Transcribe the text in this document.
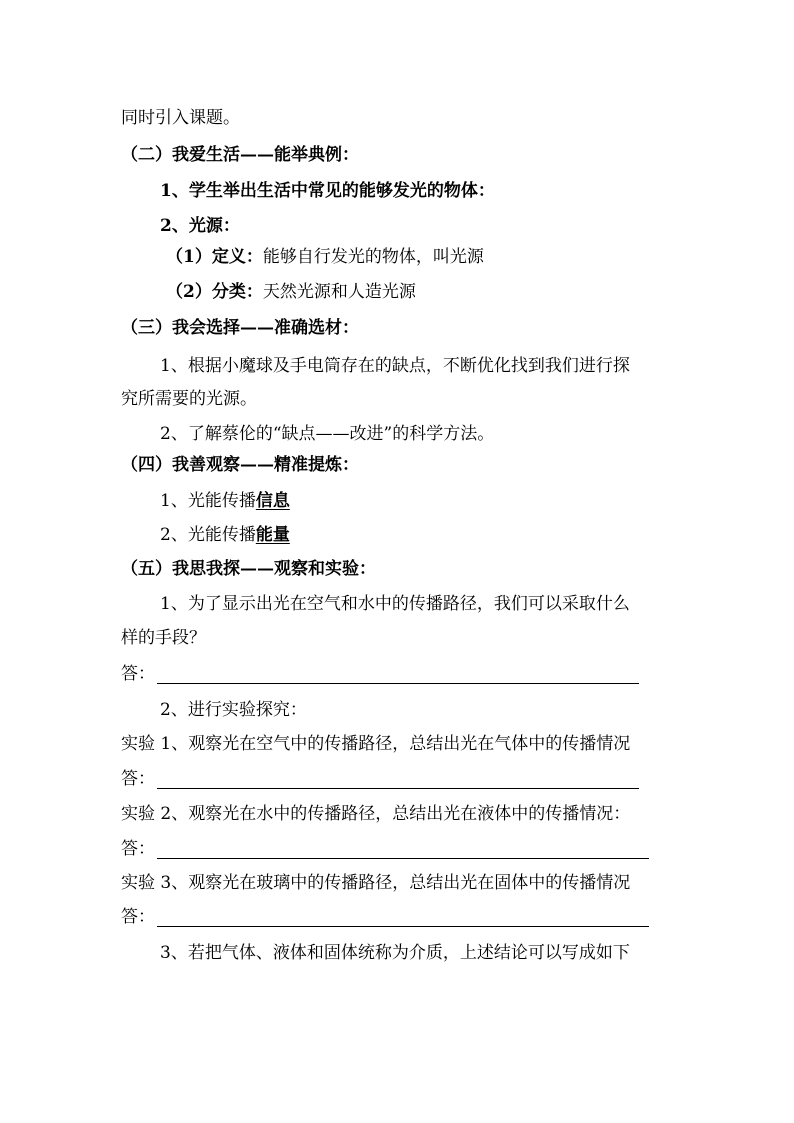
同时引入课题。
（二）我爱生活——能举典例：
1、学生举出生活中常见的能够发光的物体：
2、光源：
（1）定义：能够自行发光的物体，叫光源
（2）分类：天然光源和人造光源
（三）我会选择——准确选材：
1、根据小魔球及手电筒存在的缺点，不断优化找到我们进行探
究所需要的光源。
2、了解蔡伦的“缺点——改进”的科学方法。
（四）我善观察——精准提炼：
1、光能传播信息
2、光能传播能量
（五）我思我探——观察和实验：
1、为了显示出光在空气和水中的传播路径，我们可以采取什么
样的手段？
答：
2、进行实验探究：
实验 1、观察光在空气中的传播路径，总结出光在气体中的传播情况
答：
实验 2、观察光在水中的传播路径，总结出光在液体中的传播情况：
答：
实验 3、观察光在玻璃中的传播路径，总结出光在固体中的传播情况
答：
3、若把气体、液体和固体统称为介质，上述结论可以写成如下
